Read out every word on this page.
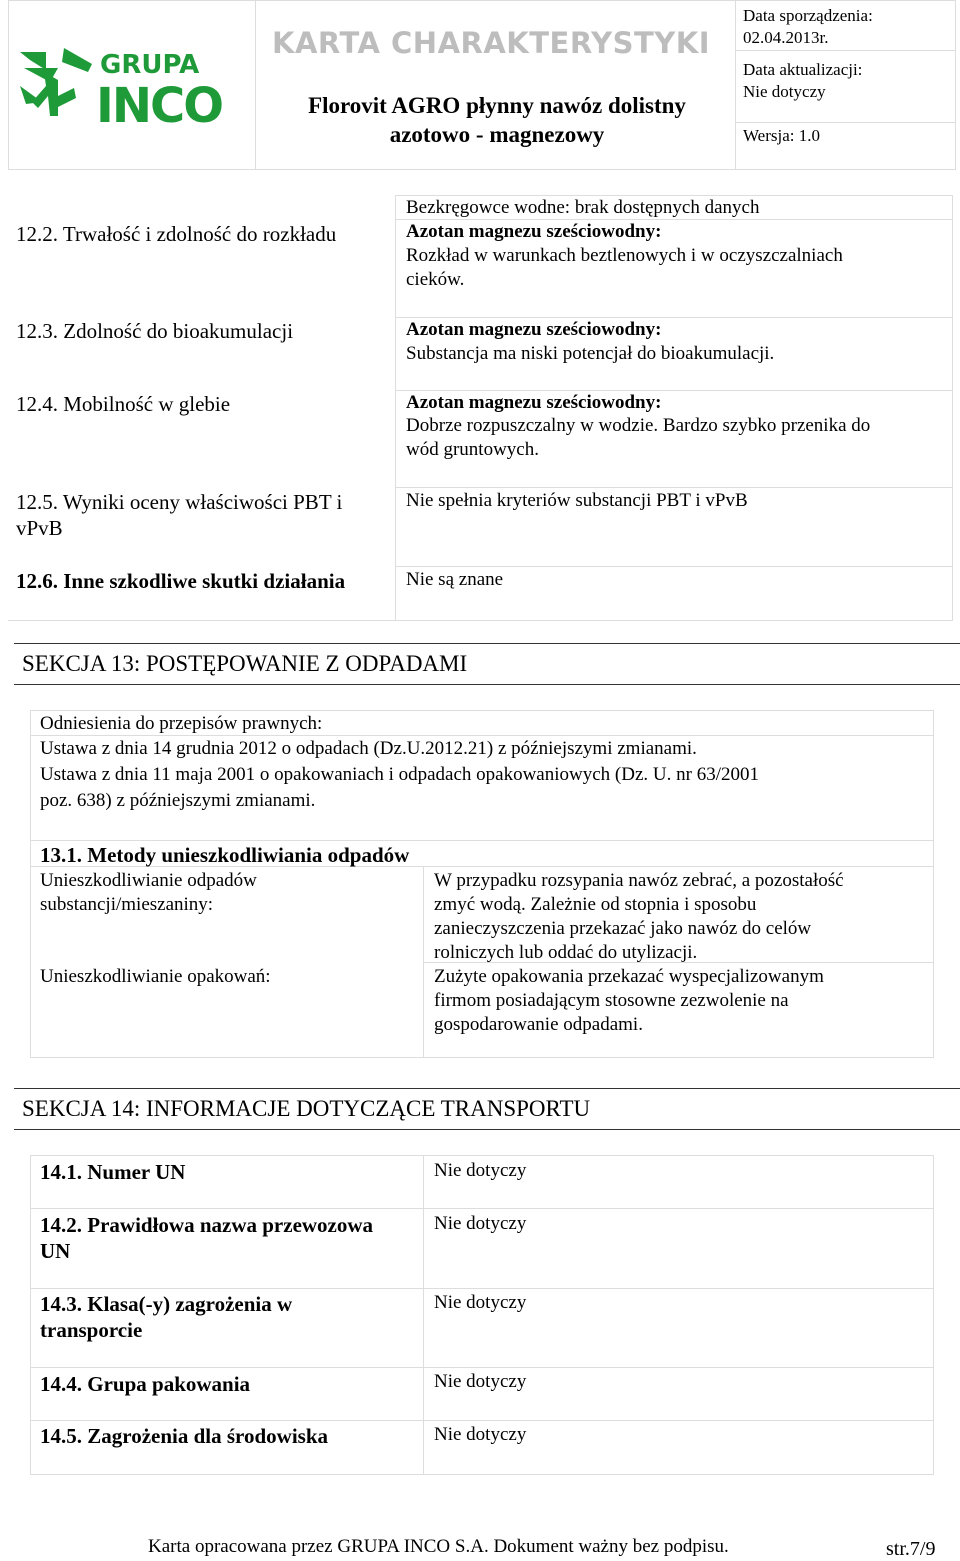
GRUPA
INCO
KARTA CHARAKTERYSTYKI
Florovit AGRO płynny nawóz dolistny
azotowo - magnezowy
Data sporządzenia:
02.04.2013r.
Data aktualizacji:
Nie dotyczy
Wersja: 1.0
Bezkręgowce wodne: brak dostępnych danych
12.2. Trwałość i zdolność do rozkładu	Azotan magnezu sześciowodny:
Rozkład w warunkach beztlenowych i w oczyszczalniach
cieków.
12.3. Zdolność do bioakumulacji	Azotan magnezu sześciowodny:
Substancja ma niski potencjał do bioakumulacji.
12.4. Mobilność w glebie	Azotan magnezu sześciowodny:
Dobrze rozpuszczalny w wodzie. Bardzo szybko przenika do
wód gruntowych.
12.5. Wyniki oceny właściwości PBT i
vPvB
Nie spełnia kryteriów substancji PBT i vPvB
12.6. Inne szkodliwe skutki działania	Nie są znane
SEKCJA 13: POSTĘPOWANIE Z ODPADAMI
Odniesienia do przepisów prawnych:
Ustawa z dnia 14 grudnia 2012 o odpadach (Dz.U.2012.21) z późniejszymi zmianami.
Ustawa z dnia 11 maja 2001 o opakowaniach i odpadach opakowaniowych (Dz. U. nr 63/2001
poz. 638) z późniejszymi zmianami.
13.1. Metody unieszkodliwiania odpadów
Unieszkodliwianie odpadów
substancji/mieszaniny:
W przypadku rozsypania nawóz zebrać, a pozostałość
zmyć wodą. Zależnie od stopnia i sposobu
zanieczyszczenia przekazać jako nawóz do celów
rolniczych lub oddać do utylizacji.
Unieszkodliwianie opakowań:	Zużyte opakowania przekazać wyspecjalizowanym
firmom posiadającym stosowne zezwolenie na
gospodarowanie odpadami.
SEKCJA 14: INFORMACJE DOTYCZĄCE TRANSPORTU
14.1. Numer UN	Nie dotyczy
14.2. Prawidłowa nazwa przewozowa
UN
Nie dotyczy
14.3. Klasa(-y) zagrożenia w
transporcie
Nie dotyczy
14.4. Grupa pakowania	Nie dotyczy
14.5. Zagrożenia dla środowiska	Nie dotyczy
Karta opracowana przez GRUPA INCO S.A. Dokument ważny bez podpisu.	str.7/9
